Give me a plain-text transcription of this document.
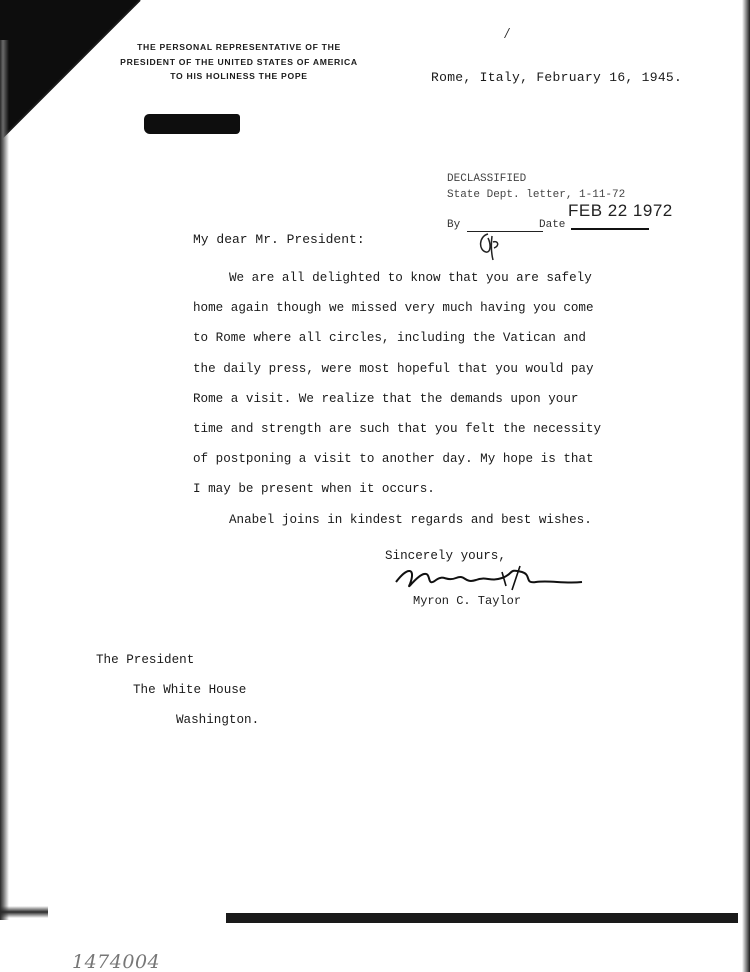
THE PERSONAL REPRESENTATIVE OF THE
PRESIDENT OF THE UNITED STATES OF AMERICA
TO HIS HOLINESS THE POPE
/
Rome, Italy, February 16, 1945.
DECLASSIFIED
State Dept. letter, 1-11-72
By	Date
FEB 22 1972
My dear Mr. President:
We are all delighted to know that you are safely
home again though we missed very much having you come
to Rome where all circles, including the Vatican and
the daily press, were most hopeful that you would pay
Rome a visit. We realize that the demands upon your
time and strength are such that you felt the necessity
of postponing a visit to another day. My hope is that
I may be present when it occurs.
Anabel joins in kindest regards and best wishes.
Sincerely yours,
Myron C. Taylor
The President
The White House
Washington.
1474004
